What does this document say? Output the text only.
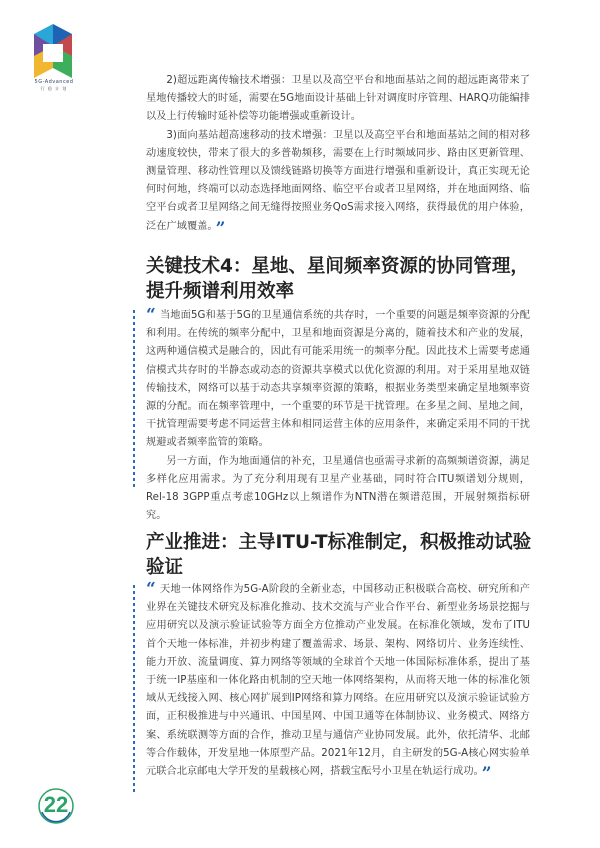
5G-Advanced
行 稳 计 划

2)超远距离传输技术增强：卫星以及高空平台和地面基站之间的超远距离带来了星地传播较大的时延，需要在5G地面设计基础上针对调度时序管理、HARQ功能编排以及上行传输时延补偿等功能增强或重新设计。

3)面向基站超高速移动的技术增强：卫星以及高空平台和地面基站之间的相对移动速度较快，带来了很大的多普勒频移，需要在上行时频域同步、路由区更新管理、测量管理、移动性管理以及馈线链路切换等方面进行增强和重新设计，真正实现无论何时何地，终端可以动态选择地面网络、临空平台或者卫星网络，并在地面网络、临空平台或者卫星网络之间无缝得按照业务QoS需求接入网络，获得最优的用户体验，泛在广域覆盖。 ”

关键技术4：星地、星间频率资源的协同管理，提升频谱利用效率

“ 当地面5G和基于5G的卫星通信系统的共存时，一个重要的问题是频率资源的分配和利用。在传统的频率分配中，卫星和地面资源是分离的，随着技术和产业的发展，这两种通信模式是融合的，因此有可能采用统一的频率分配。因此技术上需要考虑通信模式共存时的半静态或动态的资源共享模式以优化资源的利用。对于采用星地双链传输技术，网络可以基于动态共享频率资源的策略，根据业务类型来确定星地频率资源的分配。而在频率管理中，一个重要的环节是干扰管理。在多星之间、星地之间，干扰管理需要考虑不同运营主体和相同运营主体的应用条件，来确定采用不同的干扰规避或者频率监管的策略。

另一方面，作为地面通信的补充，卫星通信也亟需寻求新的高频频谱资源，满足多样化应用需求。为了充分利用现有卫星产业基础，同时符合ITU频谱划分规则，Rel-18 3GPP重点考虑10GHz以上频谱作为NTN潜在频谱范围，开展射频指标研究。

产业推进：主导ITU-T标准制定，积极推动试验验证

“ 天地一体网络作为5G-A阶段的全新业态，中国移动正积极联合高校、研究所和产业界在关键技术研究及标准化推动、技术交流与产业合作平台、新型业务场景挖掘与应用研究以及演示验证试验等方面全方位推动产业发展。在标准化领域，发布了ITU首个天地一体标准，并初步构建了覆盖需求、场景、架构、网络切片、业务连续性、能力开放、流量调度、算力网络等领域的全球首个天地一体国际标准体系，提出了基于统一IP基座和一体化路由机制的空天地一体网络架构，从而将天地一体的标准化领域从无线接入网、核心网扩展到IP网络和算力网络。在应用研究以及演示验证试验方面，正积极推进与中兴通讯、中国星网、中国卫通等在体制协议、业务模式、网络方案、系统联测等方面的合作，推动卫星与通信产业协同发展。此外，依托清华、北邮等合作载体，开发星地一体原型产品。2021年12月，自主研发的5G-A核心网实验单元联合北京邮电大学开发的星载核心网，搭载宝酝号小卫星在轨运行成功。 ”

22
